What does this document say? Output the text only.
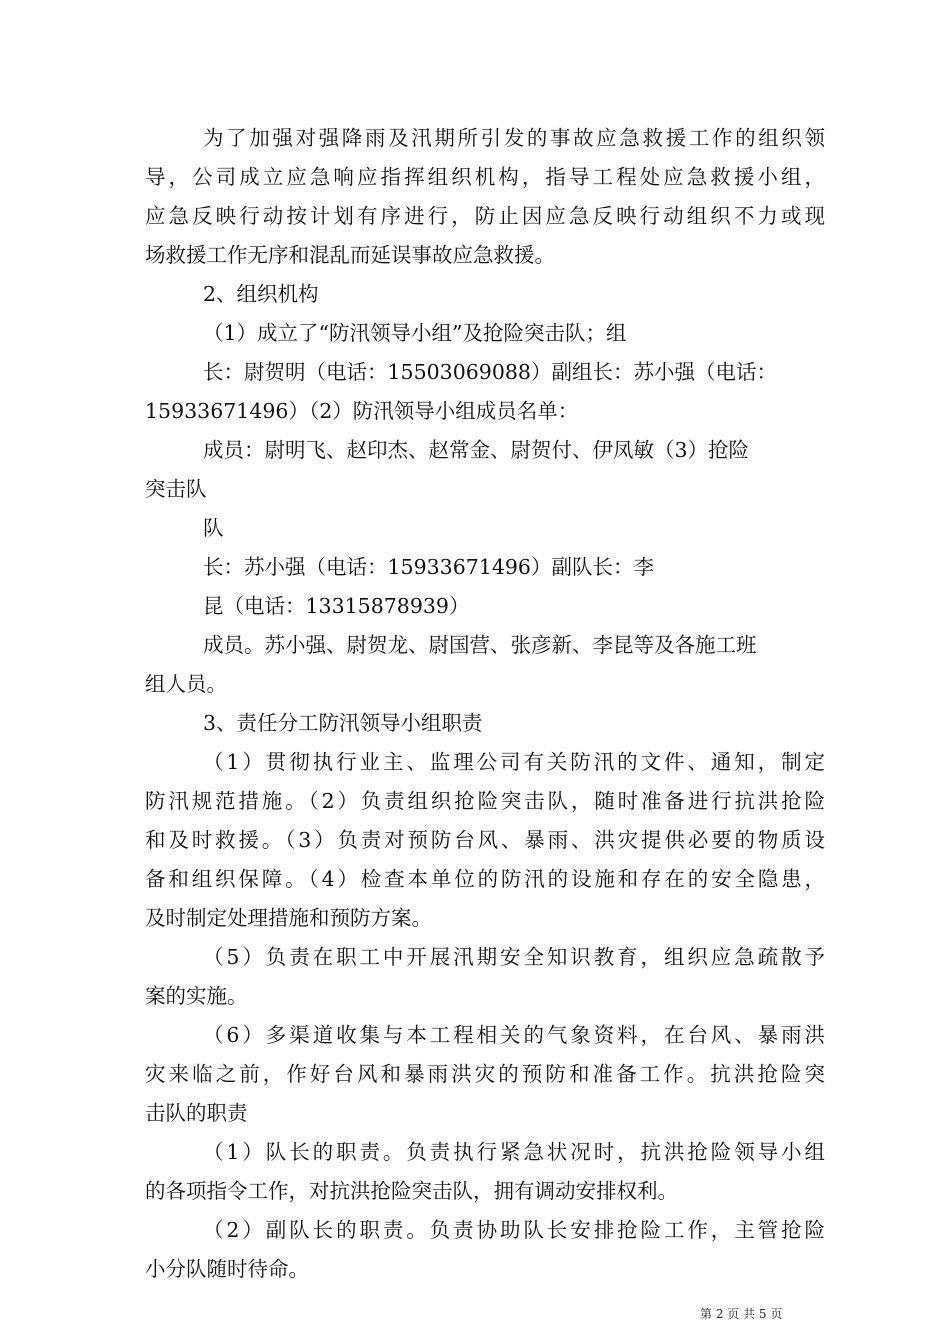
为了加强对强降雨及汛期所引发的事故应急救援工作的组织领
导，公司成立应急响应指挥组织机构，指导工程处应急救援小组，
应急反映行动按计划有序进行，防止因应急反映行动组织不力或现
场救援工作无序和混乱而延误事故应急救援。
2、组织机构
（1）成立了“防汛领导小组”及抢险突击队；组
长：尉贺明（电话：15503069088）副组长：苏小强（电话：
15933671496）（2）防汛领导小组成员名单：
成员：尉明飞、赵印杰、赵常金、尉贺付、伊凤敏（3）抢险
突击队
队
长：苏小强（电话：15933671496）副队长：李
昆（电话：13315878939）
成员。苏小强、尉贺龙、尉国营、张彦新、李昆等及各施工班
组人员。
3、责任分工防汛领导小组职责
（1）贯彻执行业主、监理公司有关防汛的文件、通知，制定
防汛规范措施。（2）负责组织抢险突击队，随时准备进行抗洪抢险
和及时救援。（3）负责对预防台风、暴雨、洪灾提供必要的物质设
备和组织保障。（4）检查本单位的防汛的设施和存在的安全隐患，
及时制定处理措施和预防方案。
（5）负责在职工中开展汛期安全知识教育，组织应急疏散予
案的实施。
（6）多渠道收集与本工程相关的气象资料，在台风、暴雨洪
灾来临之前，作好台风和暴雨洪灾的预防和准备工作。抗洪抢险突
击队的职责
（1）队长的职责。负责执行紧急状况时，抗洪抢险领导小组
的各项指令工作，对抗洪抢险突击队，拥有调动安排权利。
（2）副队长的职责。负责协助队长安排抢险工作，主管抢险
小分队随时待命。
第 2 页 共 5 页
